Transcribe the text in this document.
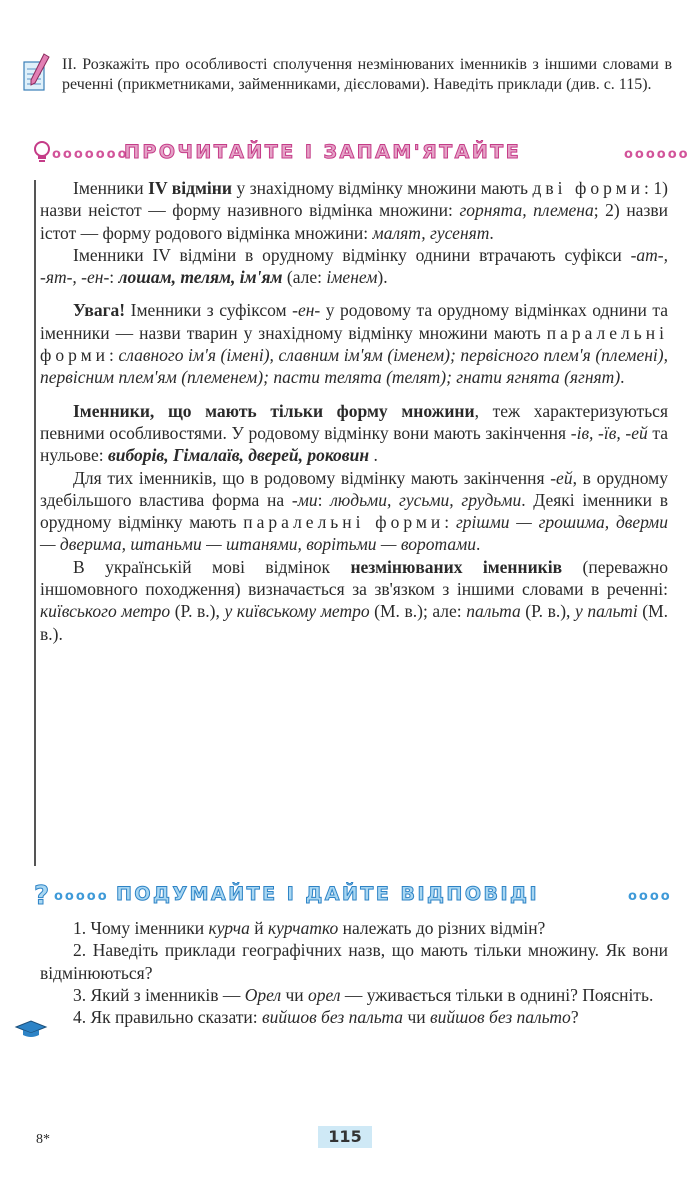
ІІ. Розкажіть про особливості сполучення незмінюваних іменників з іншими словами в реченні (прикметниками, займенниками, дієсловами). Наведіть приклади (див. с. 115).
ооооооо
ПРОЧИТАЙТЕ І ЗАПАМ'ЯТАЙТЕ	оооооо

Іменники IV відміни у знахідному відмінку множини мають дві форми: 1) назви неістот — форму називного відмінка множини: горнята, племена; 2) назви істот — форму родового відмінка множини: малят, гусенят.

Іменники IV відміни в орудному відмінку однини втрачають суфікси -ат-, -ят-, -ен-: лошам, телям, ім'ям (але: іменем).

Увага! Іменники з суфіксом -ен- у родовому та орудному відмінках однини та іменники — назви тварин у знахідному відмінку множини мають паралельні форми: славного ім'я (імені), славним ім'ям (іменем); первісного плем'я (племені), первісним плем'ям (племенем); пасти телята (телят); гнати ягнята (ягнят).

Іменники, що мають тільки форму множини, теж характеризуються певними особливостями. У родовому відмінку вони мають закінчення -ів, -їв, -ей та нульове: виборів, Гімалаїв, дверей, роковин .

Для тих іменників, що в родовому відмінку мають закінчення -ей, в орудному здебільшого властива форма на -ми: людьми, гусьми, грудьми. Деякі іменники в орудному відмінку мають паралельні форми: грішми — грошима, дверми — дверима, штаньми — штанями, ворітьми — воротами.

В українській мові відмінок незмінюваних іменників (переважно іншомовного походження) визначається за зв'язком з іншими словами в реченні: київського метро (Р. в.), у київському метро (М. в.); але: пальта (Р. в.), у пальті (М. в.).

? ооооо ПОДУМАЙТЕ І ДАЙТЕ ВІДПОВІДІ	оооо

1. Чому іменники курча й курчатко належать до різних відмін?

2. Наведіть приклади географічних назв, що мають тільки множину. Як вони відмінюються?

3. Який з іменників — Орел чи орел — уживається тільки в однині? Поясніть.

4. Як правильно сказати: вийшов без пальта чи вийшов без пальто?

8*	115
